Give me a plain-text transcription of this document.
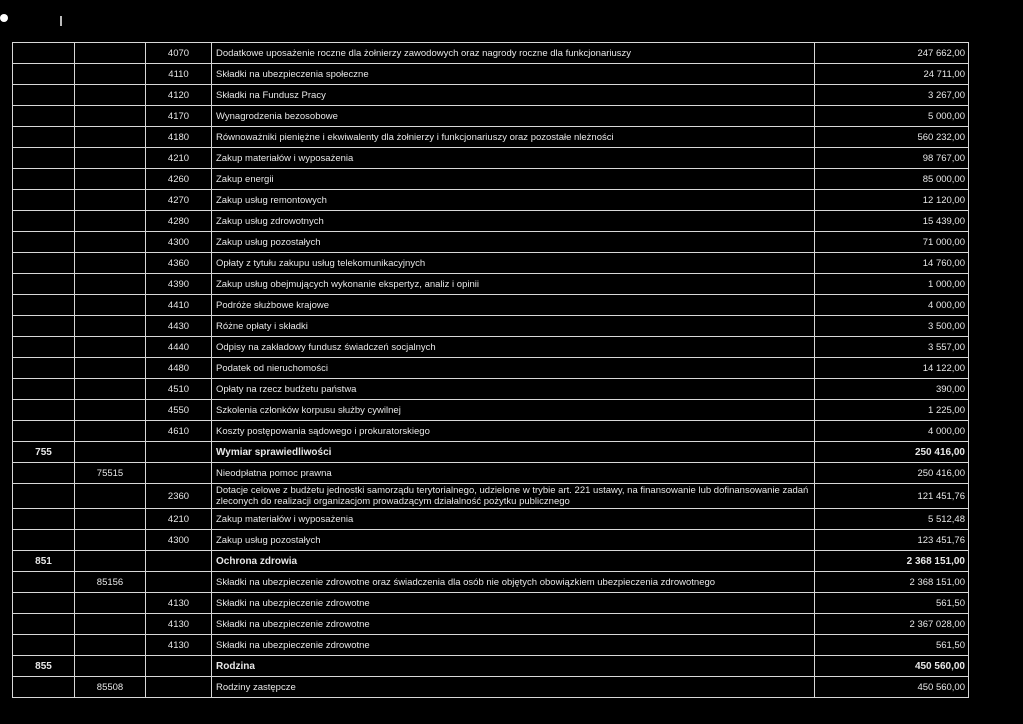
		4070	Dodatkowe uposażenie roczne dla żołnierzy zawodowych oraz nagrody roczne dla funkcjonariuszy	247 662,00
		4110	Składki na ubezpieczenia społeczne	24 711,00
		4120	Składki na Fundusz Pracy	3 267,00
		4170	Wynagrodzenia bezosobowe	5 000,00
		4180	Równoważniki pieniężne i ekwiwalenty dla żołnierzy i funkcjonariuszy oraz pozostałe nleżności	560 232,00
		4210	Zakup materiałów i wyposażenia	98 767,00
		4260	Zakup energii	85 000,00
		4270	Zakup usług remontowych	12 120,00
		4280	Zakup usług zdrowotnych	15 439,00
		4300	Zakup usług pozostałych	71 000,00
		4360	Opłaty z tytułu zakupu usług telekomunikacyjnych	14 760,00
		4390	Zakup usług obejmujących wykonanie ekspertyz, analiz i opinii	1 000,00
		4410	Podróże służbowe krajowe	4 000,00
		4430	Różne opłaty i składki	3 500,00
		4440	Odpisy na zakładowy fundusz świadczeń socjalnych	3 557,00
		4480	Podatek od nieruchomości	14 122,00
		4510	Opłaty na rzecz budżetu państwa	390,00
		4550	Szkolenia członków korpusu służby cywilnej	1 225,00
		4610	Koszty postępowania sądowego i prokuratorskiego	4 000,00
755			Wymiar sprawiedliwości	250 416,00
	75515		Nieodpłatna pomoc prawna	250 416,00
		2360	Dotacje celowe z budżetu jednostki samorządu terytorialnego, udzielone w trybie art. 221 ustawy, na finansowanie lub dofinansowanie zadań zleconych do realizacji organizacjom prowadzącym działalność pożytku publicznego	121 451,76
		4210	Zakup materiałów i wyposażenia	5 512,48
		4300	Zakup usług pozostałych	123 451,76
851			Ochrona zdrowia	2 368 151,00
	85156		Składki na ubezpieczenie zdrowotne oraz świadczenia dla osób nie objętych obowiązkiem ubezpieczenia zdrowotnego	2 368 151,00
		4130	Składki na ubezpieczenie zdrowotne	561,50
		4130	Składki na ubezpieczenie zdrowotne	2 367 028,00
		4130	Składki na ubezpieczenie zdrowotne	561,50
855			Rodzina	450 560,00
	85508		Rodziny zastępcze	450 560,00
